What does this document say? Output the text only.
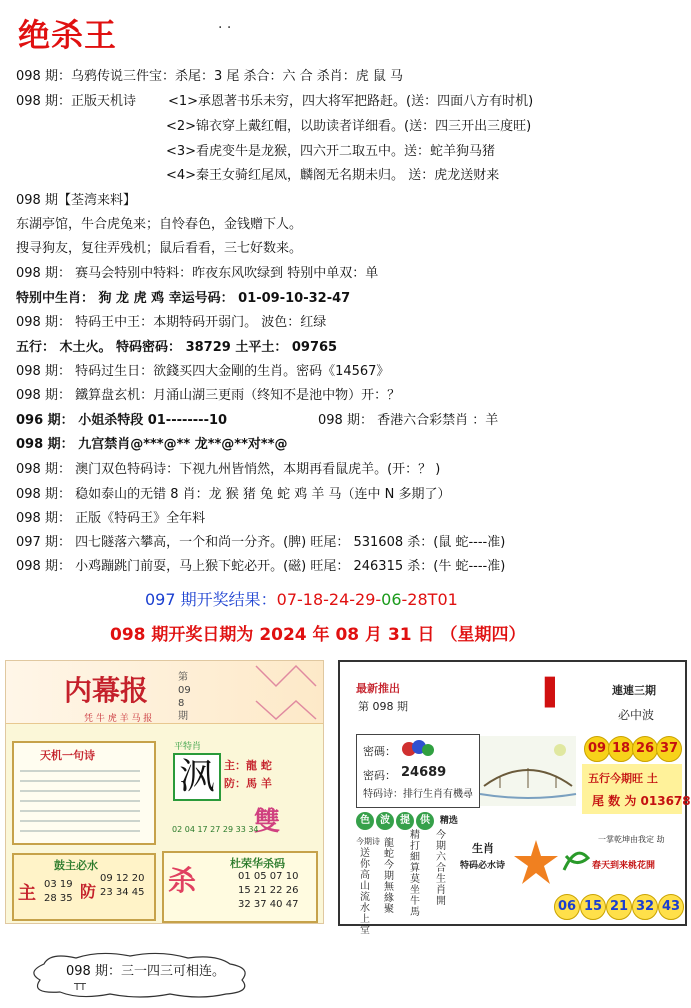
绝杀王	· ·
098 期：乌鸦传说三件宝：杀尾：3 尾 杀合：六 合 杀肖：虎 鼠 马
098 期：正版天机诗 <1>承恩著书乐未穷，四大将军把路赶。(送：四面八方有时机)
<2>锦衣穿上戴红帽，以助读者详细看。(送：四三开出三度旺)
<3>看虎变牛是龙猴，四六开二取五中。送：蛇羊狗马猪
<4>秦王女骑红尾凤，麟阁无名期未归。 送：虎龙送财来
098 期【荃湾来料】
东湖亭馆，牛合虎兔来；自怜春色，金钱赠下人。
搜寻狗友，复往弄残机；鼠后看看，三七好数来。
098 期： 赛马会特别中特料：昨夜东风吹绿到 特别中单双：单
特别中生肖： 狗 龙 虎 鸡 幸运号码： 01-09-10-32-47
098 期： 特码王中王：本期特码开弱门。 波色：红绿
五行： 木土火。 特码密码： 38729 土平土： 09765
098 期： 特码过生日：欲錢买四大金剛的生肖。密码《14567》
098 期： 鐵算盘玄机：月涌山湖三更雨（终知不是池中物）开：？
096 期： 小姐杀特段 01--------10	098 期： 香港六合彩禁肖 ：羊
098 期： 九宫禁肖@***@** 龙**@**对**@
098 期： 澳门双色特码诗：下视九州皆悄然，本期再看鼠虎羊。(开：？ )
098 期： 稳如泰山的无错 8 肖：龙 猴 猪 兔 蛇 鸡 羊 马（连中 N 多期了）
098 期： 正版《特码王》全年料
097 期： 四七隧落六攀高，一个和尚一分齐。(脾) 旺尾： 531608 杀：(鼠 蛇----准)
098 期： 小鸡蹦跳门前耍，马上猴下蛇必开。(磁) 旺尾： 246315 杀：(牛 蛇----准)
097 期开奖结果：07-18-24-29-06-28T01
098 期开奖日期为 2024 年 08 月 31 日 （星期四）
内幕报
凭 牛 虎 羊 马 报
第098期
天机一句诗
平特肖
沨 主：龍 蛇
防：馬 羊
雙
02 04 17 27 29 33 34
鼓主必水
主	防
03 19
28 35
09 12 20
23 34 45 杀
杜荣华杀码
01 05 07 10
15 21 22 26
32 37 40 47
最新推出
第 098 期	▌	連連三期
必中波
密碼：
密码： 24689
特码诗： 排行生肖有機尋
09 18 26 37
五行今期旺 土
尾 数 为 013678
色 波 提 供 精选
今期诗
送你高山流水上堂
龍蛇今期無緣聚
精打細算莫坐牛馬
今期六合生肖開
生肖
特码必水诗
一掌乾坤由我定 劫
春天到来桃花開
06 15 21 32 43
098 期：三一四三可相连。
TT
